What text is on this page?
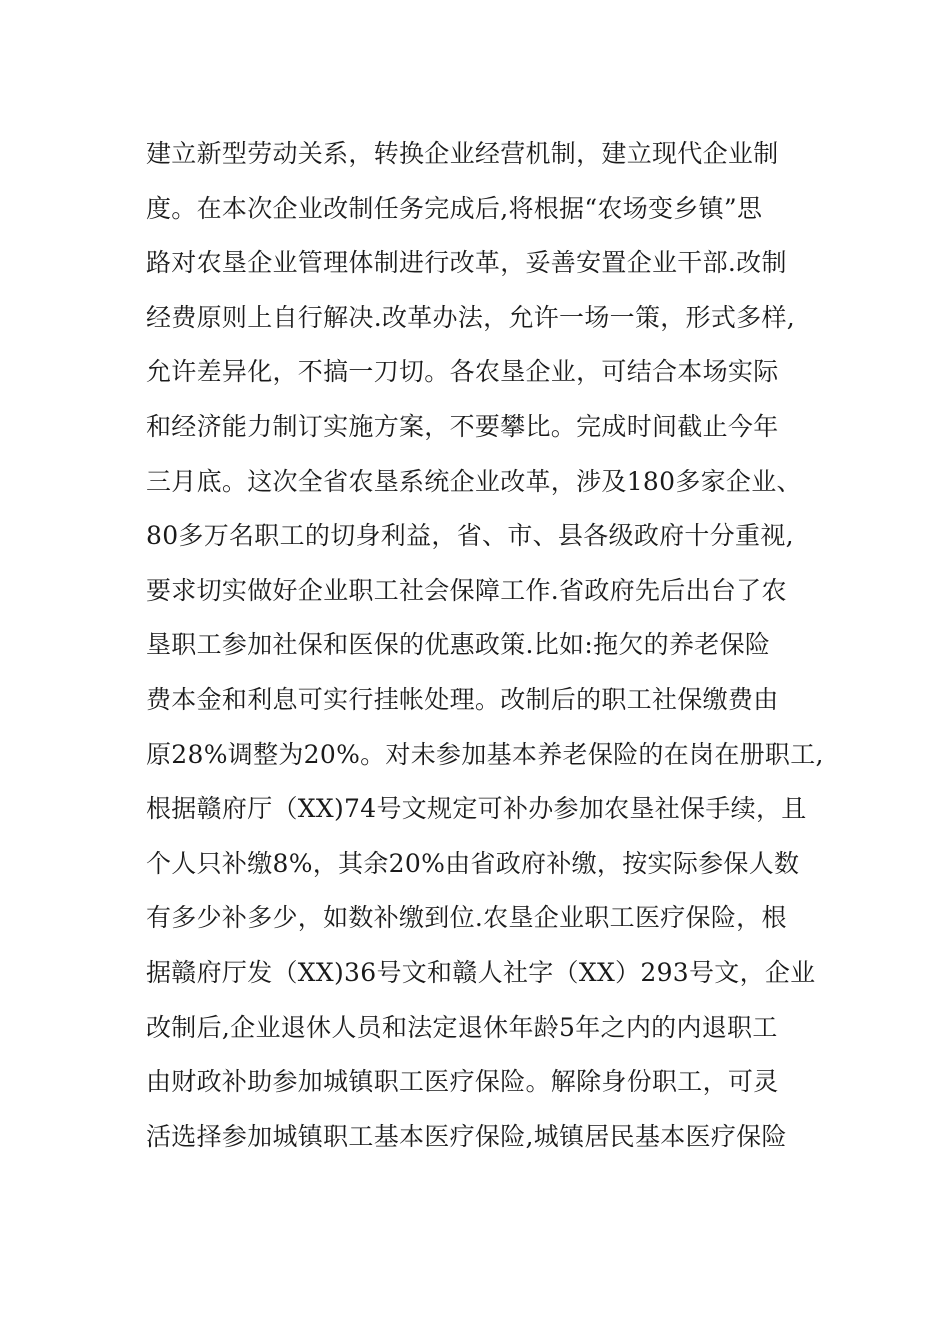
建立新型劳动关系，转换企业经营机制，建立现代企业制
度。在本次企业改制任务完成后,将根据“农场变乡镇”思
路对农垦企业管理体制进行改革，妥善安置企业干部.改制
经费原则上自行解决.改革办法，允许一场一策，形式多样,
允许差异化，不搞一刀切。各农垦企业，可结合本场实际
和经济能力制订实施方案，不要攀比。完成时间截止今年
三月底。这次全省农垦系统企业改革，涉及180多家企业、
80多万名职工的切身利益，省、市、县各级政府十分重视,
要求切实做好企业职工社会保障工作.省政府先后出台了农
垦职工参加社保和医保的优惠政策.比如:拖欠的养老保险
费本金和利息可实行挂帐处理。改制后的职工社保缴费由
原28%调整为20%。对未参加基本养老保险的在岗在册职工,
根据赣府厅（XX)74号文规定可补办参加农垦社保手续，且
个人只补缴8%，其余20%由省政府补缴，按实际参保人数
有多少补多少，如数补缴到位.农垦企业职工医疗保险，根
据赣府厅发（XX)36号文和赣人社字（XX）293号文，企业
改制后,企业退休人员和法定退休年龄5年之内的内退职工
由财政补助参加城镇职工医疗保险。解除身份职工，可灵
活选择参加城镇职工基本医疗保险,城镇居民基本医疗保险
